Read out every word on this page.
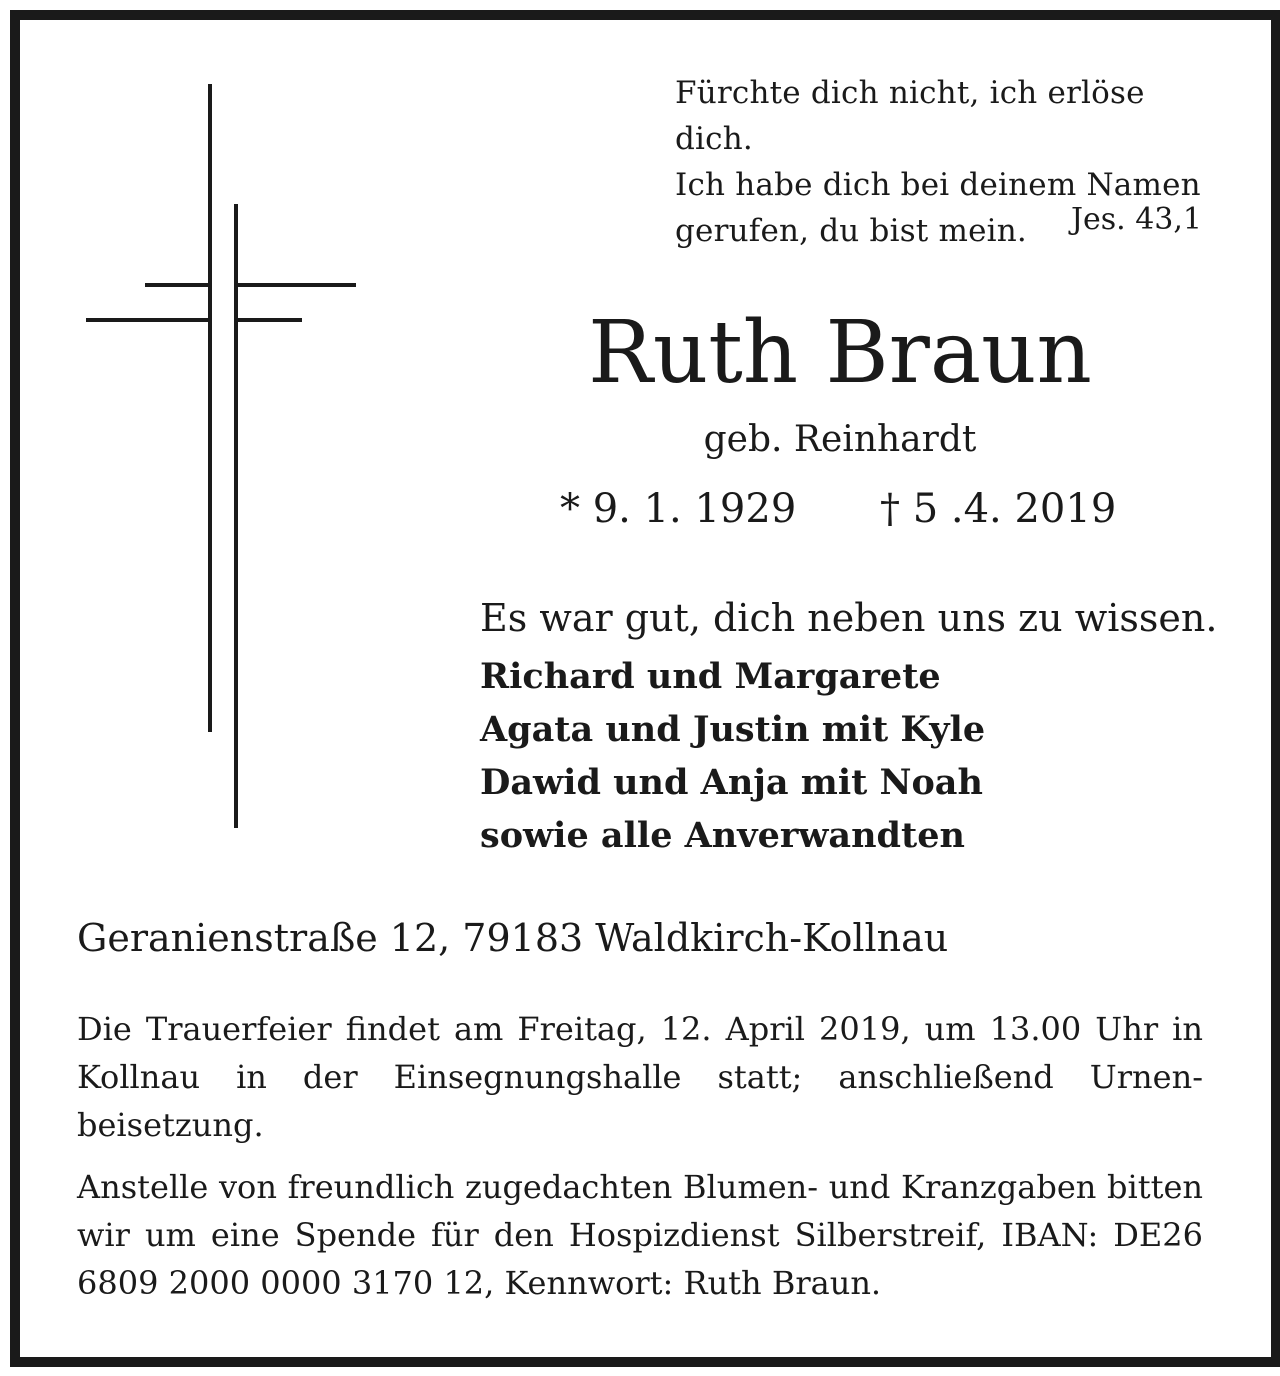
Fürchte dich nicht, ich erlöse dich.
Ich habe dich bei deinem Namen
gerufen, du bist mein.	Jes. 43,1
Ruth Braun
geb. Reinhardt
* 9. 1. 1929 † 5 .4. 2019
Es war gut, dich neben uns zu wissen.
Richard und Margarete
Agata und Justin mit Kyle
Dawid und Anja mit Noah
sowie alle Anverwandten
Geranienstraße 12, 79183 Waldkirch-Kollnau
Die Trauerfeier findet am Freitag, 12. April 2019, um 13.00 Uhr in Kollnau in der Einsegnungshalle statt; anschließend Urnenbeisetzung.
Anstelle von freundlich zugedachten Blumen- und Kranzgaben bitten wir um eine Spende für den Hospizdienst Silberstreif, IBAN: DE26 6809 2000 0000 3170 12, Kennwort: Ruth Braun.
